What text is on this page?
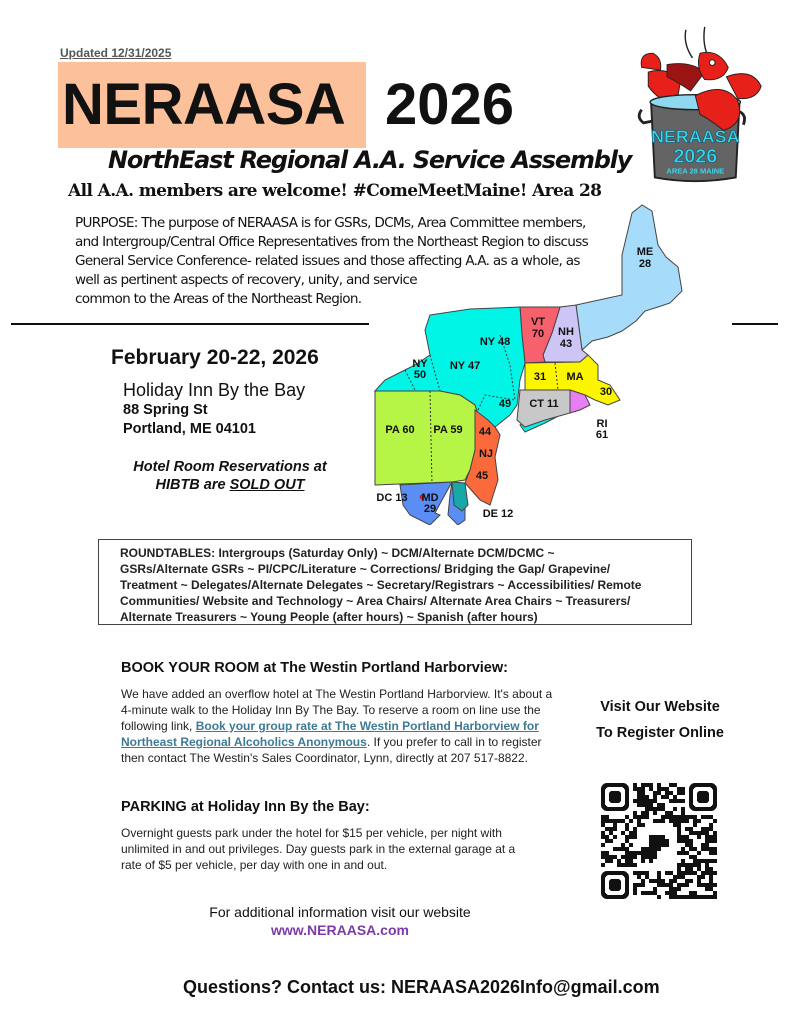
Updated 12/31/2025
NERAASA 2026
NorthEast Regional A.A. Service Assembly
All A.A. members are welcome! #ComeMeetMaine! Area 28
NERAASA
2026
AREA 28 MAINE
ME
28
NH
43
VT
70
NY 48
NY 47
NY
50
49
31 MA
30
CT 11
RI
61
PA 60 PA 59 44
NJ
45
MD
29
DC 13
DE 12
PURPOSE: The purpose of NERAASA is for GSRs, DCMs, Area Committee members,
and Intergroup/Central Office Representatives from the Northeast Region to discuss
General Service Conference- related issues and those affecting A.A. as a whole, as
well as pertinent aspects of recovery, unity, and service
common to the Areas of the Northeast Region.
February 20-22, 2026
Holiday Inn By the Bay
88 Spring St
Portland, ME 04101
Hotel Room Reservations at
HIBTB are SOLD OUT
ROUNDTABLES: Intergroups (Saturday Only) ~ DCM/Alternate DCM/DCMC ~
GSRs/Alternate GSRs ~ PI/CPC/Literature ~ Corrections/ Bridging the Gap/ Grapevine/
Treatment ~ Delegates/Alternate Delegates ~ Secretary/Registrars ~ Accessibilities/ Remote
Communities/ Website and Technology ~ Area Chairs/ Alternate Area Chairs ~ Treasurers/
Alternate Treasurers ~ Young People (after hours) ~ Spanish (after hours)
BOOK YOUR ROOM at The Westin Portland Harborview:
We have added an overflow hotel at The Westin Portland Harborview. It's about a 4-minute walk to the Holiday Inn By The Bay. To reserve a room on line use the following link, Book your group rate at The Westin Portland Harborview for Northeast Regional Alcoholics Anonymous. If you prefer to call in to register then contact The Westin's Sales Coordinator, Lynn, directly at 207 517-8822.
PARKING at Holiday Inn By the Bay:
Overnight guests park under the hotel for $15 per vehicle, per night with
unlimited in and out privileges. Day guests park in the external garage at a
rate of $5 per vehicle, per day with one in and out.
For additional information visit our website
www.NERAASA.com
Visit Our Website
To Register Online
Questions? Contact us: NERAASA2026Info@gmail.com
